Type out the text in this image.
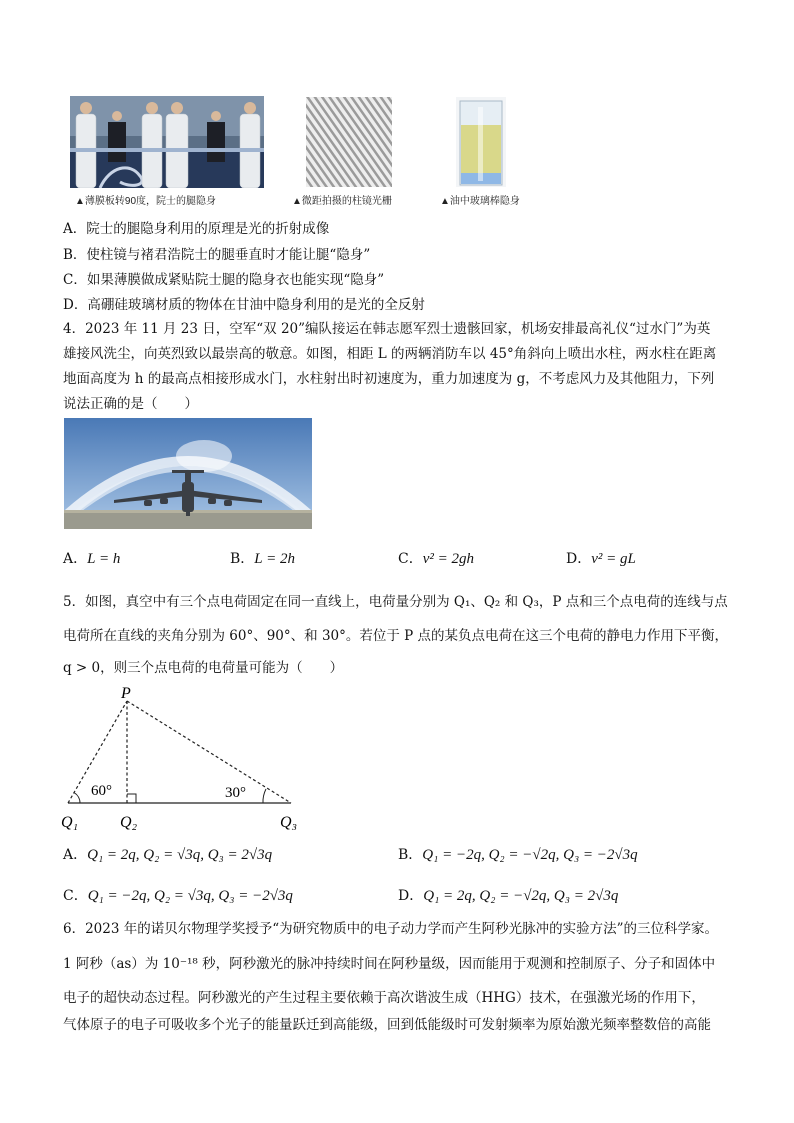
▲薄膜板转90度，院士的腿隐身	▲微距拍摄的柱镜光栅	▲油中玻璃棒隐身
A．院士的腿隐身利用的原理是光的折射成像
B．使柱镜与褚君浩院士的腿垂直时才能让腿“隐身”
C．如果薄膜做成紧贴院士腿的隐身衣也能实现“隐身”
D．高硼硅玻璃材质的物体在甘油中隐身利用的是光的全反射
4．2023 年 11 月 23 日，空军“双 20”编队接运在韩志愿军烈士遗骸回家，机场安排最高礼仪“过水门”为英
雄接风洗尘，向英烈致以最崇高的敬意。如图，相距 L 的两辆消防车以 45°角斜向上喷出水柱，两水柱在距离
地面高度为 h 的最高点相接形成水门，水柱射出时初速度为，重力加速度为 g，不考虑风力及其他阻力，下列
说法正确的是（　　）
A．L = h	B．L = 2h	C．v² = 2gh	D．v² = gL
5．如图，真空中有三个点电荷固定在同一直线上，电荷量分别为 Q₁、Q₂ 和 Q₃，P 点和三个点电荷的连线与点
电荷所在直线的夹角分别为 60°、90°、和 30°。若位于 P 点的某负点电荷在这三个电荷的静电力作用下平衡，
q > 0，则三个点电荷的电荷量可能为（　　）
P
60°	30°
Q₁	Q₂	Q₃
A．Q₁ = 2q, Q₂ = √3q, Q₃ = 2√3q	B．Q₁ = −2q, Q₂ = −√2q, Q₃ = −2√3q
C．Q₁ = −2q, Q₂ = √3q, Q₃ = −2√3q	D．Q₁ = 2q, Q₂ = −√2q, Q₃ = 2√3q
6．2023 年的诺贝尔物理学奖授予“为研究物质中的电子动力学而产生阿秒光脉冲的实验方法”的三位科学家。
1 阿秒（as）为 10⁻¹⁸ 秒，阿秒激光的脉冲持续时间在阿秒量级，因而能用于观测和控制原子、分子和固体中
电子的超快动态过程。阿秒激光的产生过程主要依赖于高次谐波生成（HHG）技术，在强激光场的作用下，
气体原子的电子可吸收多个光子的能量跃迁到高能级，回到低能级时可发射频率为原始激光频率整数倍的高能
